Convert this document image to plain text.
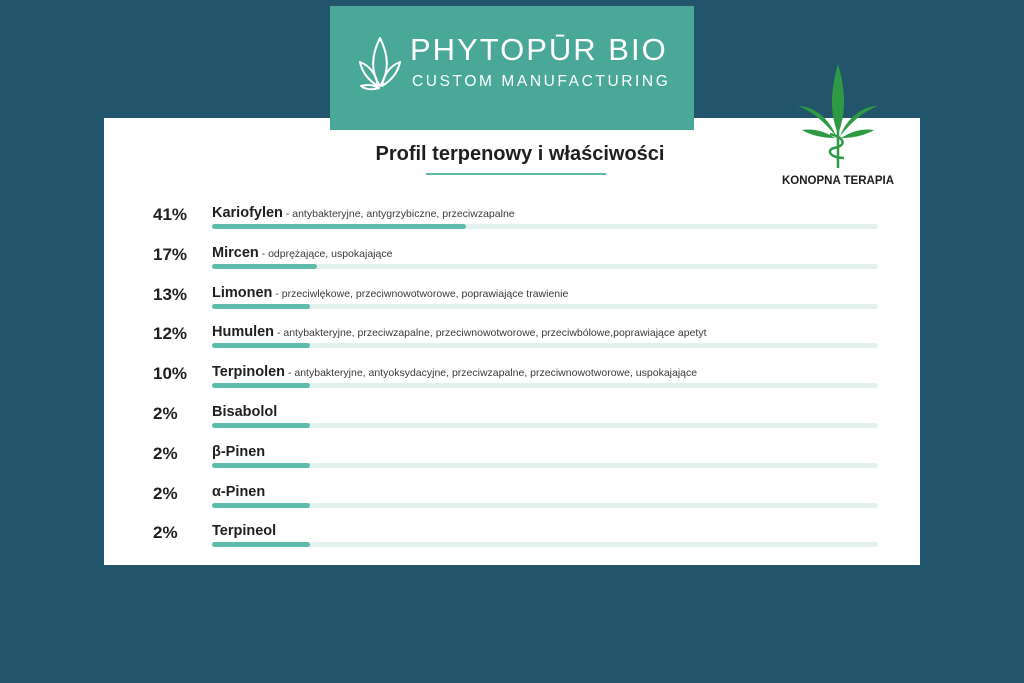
PHYTOPŪR BIO
CUSTOM MANUFACTURING
KONOPNA TERAPIA
Profil terpenowy i właściwości
41%	Kariofylen - antybakteryjne, antygrzybiczne, przeciwzapalne
17%	Mircen - odprężające, uspokajające
13%	Limonen - przeciwlękowe, przeciwnowotworowe, poprawiające trawienie
12%	Humulen - antybakteryjne, przeciwzapalne, przeciwnowotworowe, przeciwbólowe,poprawiające apetyt
10%	Terpinolen - antybakteryjne, antyoksydacyjne, przeciwzapalne, przeciwnowotworowe, uspokajające
2%	Bisabolol
2%	β-Pinen
2%	α-Pinen
2%	Terpineol
